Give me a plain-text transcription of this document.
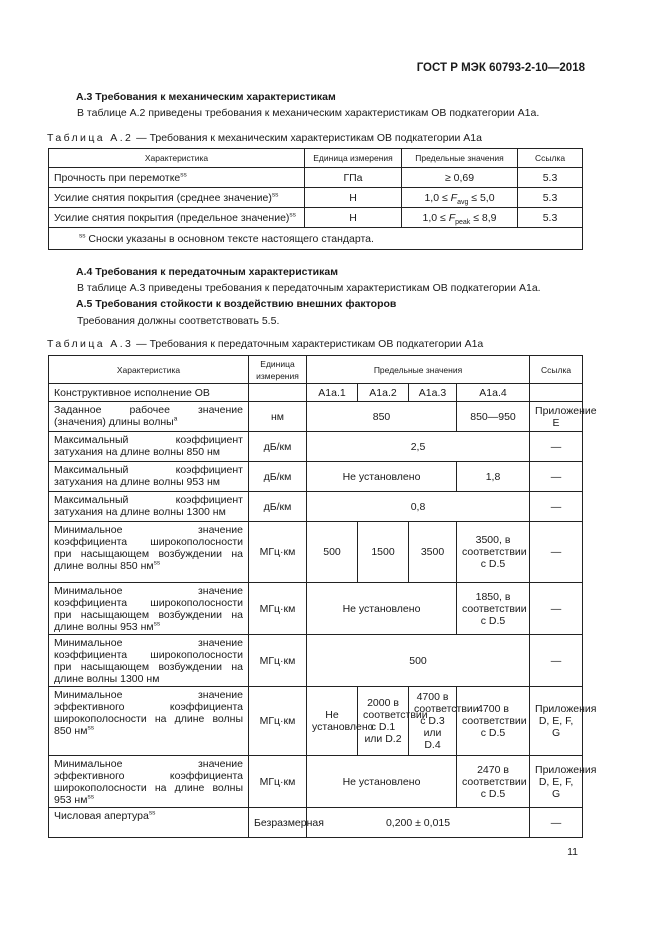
ГОСТ Р МЭК 60793-2-10—2018
А.3 Требования к механическим характеристикам
В таблице А.2 приведены требования к механическим характеристикам ОВ подкатегории А1а.
Таблица А.2 — Требования к механическим характеристикам ОВ подкатегории А1а
Характеристика	Единица измерения	Предельные значения	Ссылка
Прочность при перемотке$^{ss}$	ГПа	≥ 0,69	5.3
Усилие снятия покрытия (среднее значение)$^{ss}$	Н	$1,0 \le F_{avg} \le 5,0$	5.3
Усилие снятия покрытия (предельное значение)$^{ss}$	Н	$1,0 \le F_{peak} \le 8,9$	5.3
$^{ss}$ Сноски указаны в основном тексте настоящего стандарта.			
А.4 Требования к передаточным характеристикам
В таблице А.3 приведены требования к передаточным характеристикам ОВ подкатегории А1а.
А.5 Требования стойкости к воздействию внешних факторов
Требования должны соответствовать 5.5.
Таблица А.3 — Требования к передаточным характеристикам ОВ подкатегории А1а
Характеристика	Единица измерения	Предельные значения				Ссылка
Конструктивное исполнение ОВ		А1а.1	А1а.2	А1а.3	А1а.4	
Заданное рабочее значение (значения) длины волны$^a$	нм	850			850—950	Приложение Е
Максимальный коэффициент затухания на длине волны 850 нм	дБ/км	2,5				—
Максимальный коэффициент затухания на длине волны 953 нм	дБ/км	Не установлено			1,8	—
Максимальный коэффициент затухания на длине волны 1300 нм	дБ/км	0,8				—
Минимальное значение коэффициента широкополосности при насыщающем возбуждении на длине волны 850 $нм^{ss}$	МГц·км	500	1500	3500	3500, в соответствии с D.5	—
Минимальное значение коэффициента широкополосности при насыщающем возбуждении на длине волны 953 $нм^{ss}$	МГц·км	Не установлено			1850, в соответствии с D.5	—
Минимальное значение коэффициента широкополосности при насыщающем возбуждении на длине волны 1300 нм	МГц·км	500				—
Минимальное значение эффективного коэффициента широкополосности на длине волны 850 $нм^{ss}$	МГц·км	Не установлено	2000 в соответствии с D.1 или D.2	4700 в соответствии с D.3 или D.4	4700 в соответствии с D.5	Приложения D, E, F, G
Минимальное значение эффективного коэффициента широкополосности на длине волны 953 $нм^{ss}$	МГц·км	Не установлено			2470 в соответствии с D.5	Приложения D, E, F, G
Числовая апертура$^{ss}$	Безразмерная	0,200 ± 0,015				—
11
